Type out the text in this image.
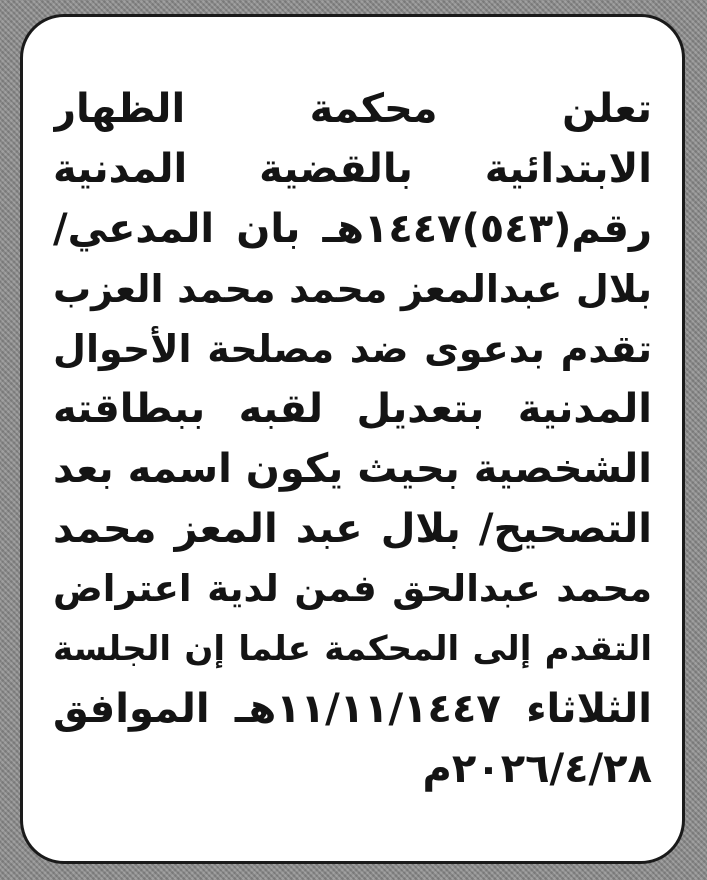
تعلن محكمة الظهار
الابتدائية بالقضية المدنية
رقم(٥٤٣)١٤٤٧هـ بان المدعي/
بلال عبدالمعز محمد محمد العزب
تقدم بدعوى ضد مصلحة الأحوال
المدنية بتعديل لقبه ببطاقته
الشخصية بحيث يكون اسمه بعد
التصحيح/ بلال عبد المعز محمد
محمد عبدالحق فمن لدية اعتراض
التقدم إلى المحكمة علما إن الجلسة
الثلاثاء ١١/١١/١٤٤٧هـ الموافق
٢٠٢٦/٤/٢٨م
